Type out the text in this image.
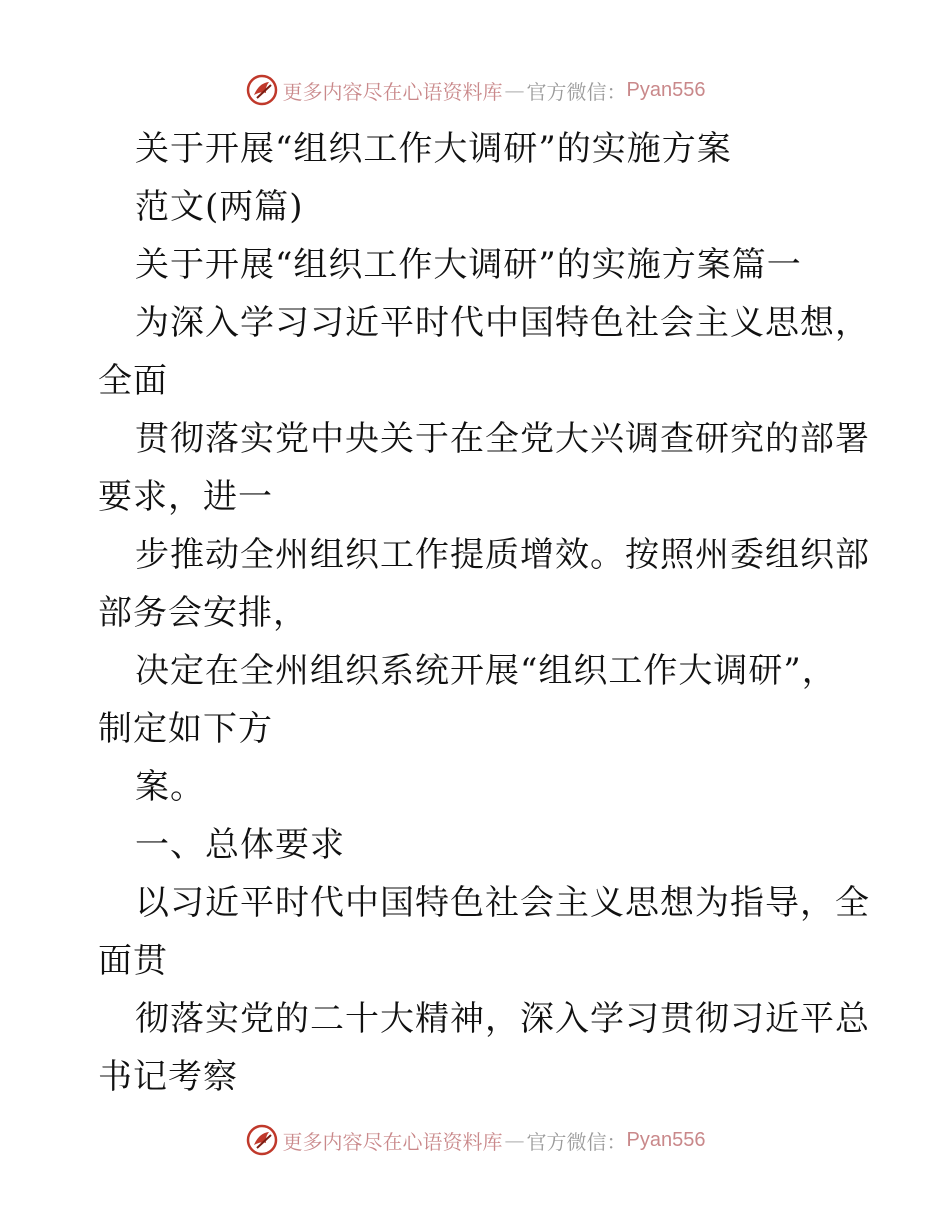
更多内容尽在心语资料库 — 官方微信： Pyan556
关于开展“组织工作大调研”的实施方案
范文(两篇)
关于开展“组织工作大调研”的实施方案篇一
为深入学习习近平时代中国特色社会主义思想，
全面
贯彻落实党中央关于在全党大兴调查研究的部署
要求，进一
步推动全州组织工作提质增效。按照州委组织部
部务会安排，
决定在全州组织系统开展“组织工作大调研”，
制定如下方
案。
一、总体要求
以习近平时代中国特色社会主义思想为指导，全
面贯
彻落实党的二十大精神，深入学习贯彻习近平总
书记考察
更多内容尽在心语资料库 — 官方微信： Pyan556
